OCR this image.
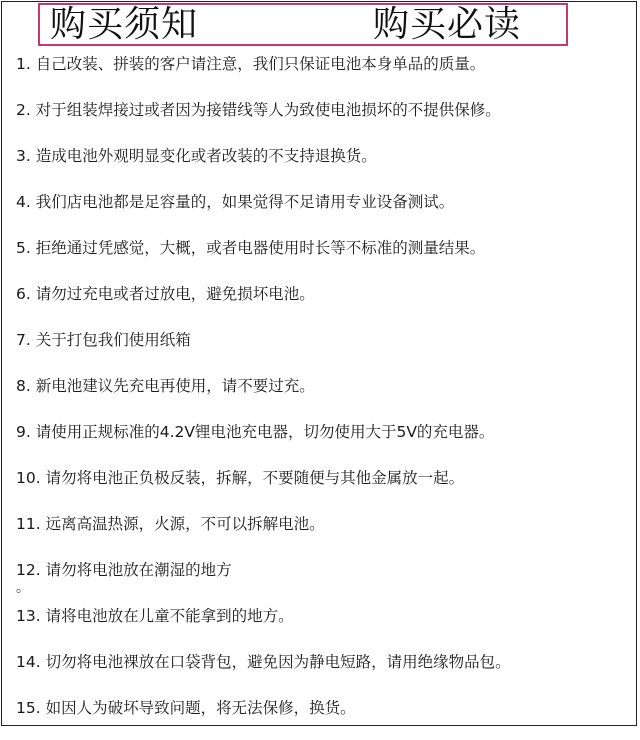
购买须知	购买必读
1. 自己改装、拼装的客户请注意，我们只保证电池本身单品的质量。
2. 对于组装焊接过或者因为接错线等人为致使电池损坏的不提供保修。
3. 造成电池外观明显变化或者改装的不支持退换货。
4. 我们店电池都是足容量的，如果觉得不足请用专业设备测试。
5. 拒绝通过凭感觉，大概，或者电器使用时长等不标准的测量结果。
6. 请勿过充电或者过放电，避免损坏电池。
7. 关于打包我们使用纸箱
8. 新电池建议先充电再使用，请不要过充。
9. 请使用正规标准的4.2V锂电池充电器，切勿使用大于5V的充电器。
10. 请勿将电池正负极反装，拆解，不要随便与其他金属放一起。
11. 远离高温热源，火源，不可以拆解电池。
12. 请勿将电池放在潮湿的地方
。
13. 请将电池放在儿童不能拿到的地方。
14. 切勿将电池裸放在口袋背包，避免因为静电短路，请用绝缘物品包。
15. 如因人为破坏导致问题，将无法保修，换货。
